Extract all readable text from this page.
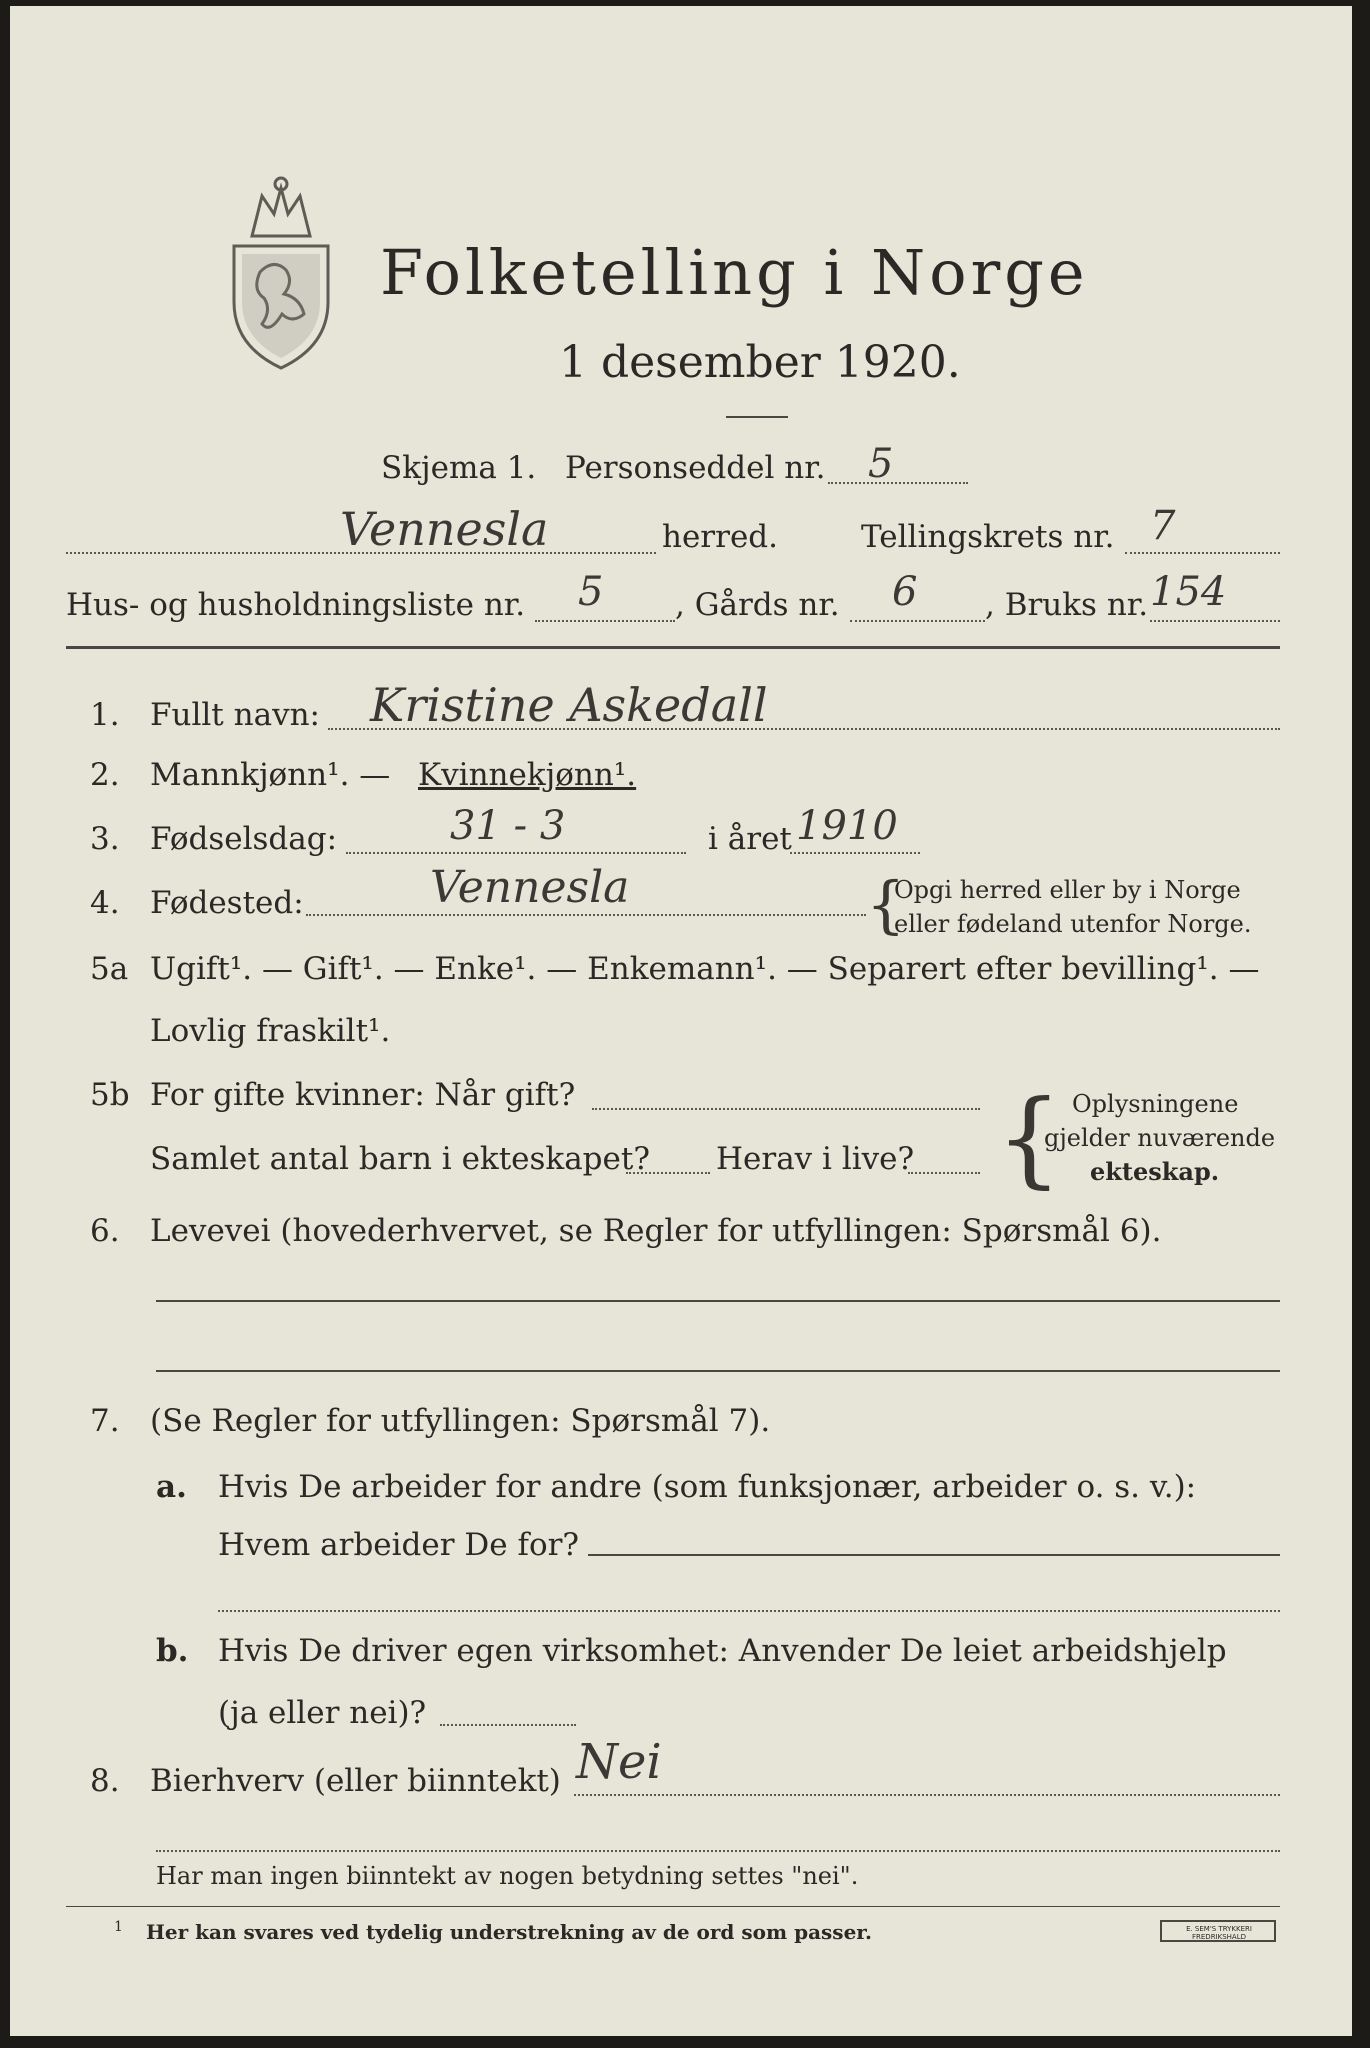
Folketelling i Norge
1 desember 1920.
Skjema 1. Personseddel nr. 5
Vennesla	herred.	Tellingskrets nr. 7
Hus- og husholdningsliste nr. 5 , Gårds nr. 6 , Bruks nr. 154
1. Fullt navn: Kristine Askedall
2. Mannkjønn¹. — Kvinnekjønn¹.
3. Fødselsdag:	31 - 3	i året 1910
4. Fødested:	Vennesla	{
Opgi herred eller by i Norge
eller fødeland utenfor Norge.
5a Ugift¹. — Gift¹. — Enke¹. — Enkemann¹. — Separert efter bevilling¹. —
Lovlig fraskilt¹.
5b For gifte kvinner: Når gift?
Samlet antal barn i ekteskapet? Herav i live? { Oplysningene
gjelder nuværende
ekteskap.
6. Levevei (hovederhvervet, se Regler for utfyllingen: Spørsmål 6).
7. (Se Regler for utfyllingen: Spørsmål 7).
a. Hvis De arbeider for andre (som funksjonær, arbeider o. s. v.):
Hvem arbeider De for?
b. Hvis De driver egen virksomhet: Anvender De leiet arbeidshjelp
(ja eller nei)?
8. Bierhverv (eller biinntekt) Nei
Har man ingen biinntekt av nogen betydning settes "nei".
1 Her kan svares ved tydelig understrekning av de ord som passer.	E. SEM'S TRYKKERI FREDRIKSHALD
